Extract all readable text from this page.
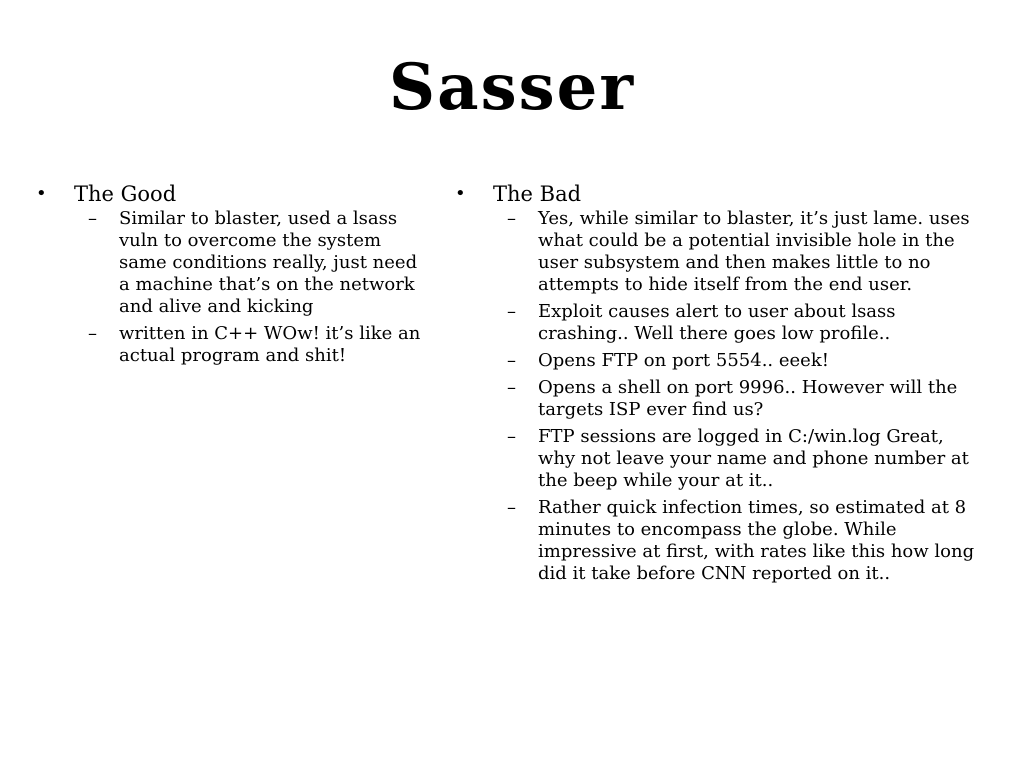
Sasser
• The Good
– Similar to blaster, used a lsass vuln to overcome the system same conditions really, just need a machine that’s on the network and alive and kicking
– written in C++ WOw! it’s like an actual program and shit!
• The Bad
– Yes, while similar to blaster, it’s just lame. uses what could be a potential invisible hole in the user subsystem and then makes little to no attempts to hide itself from the end user.
– Exploit causes alert to user about lsass crashing.. Well there goes low profile..
– Opens FTP on port 5554.. eeek!
– Opens a shell on port 9996.. However will the targets ISP ever find us?
– FTP sessions are logged in C:/win.log Great, why not leave your name and phone number at the beep while your at it..
– Rather quick infection times, so estimated at 8 minutes to encompass the globe. While impressive at first, with rates like this how long did it take before CNN reported on it..
